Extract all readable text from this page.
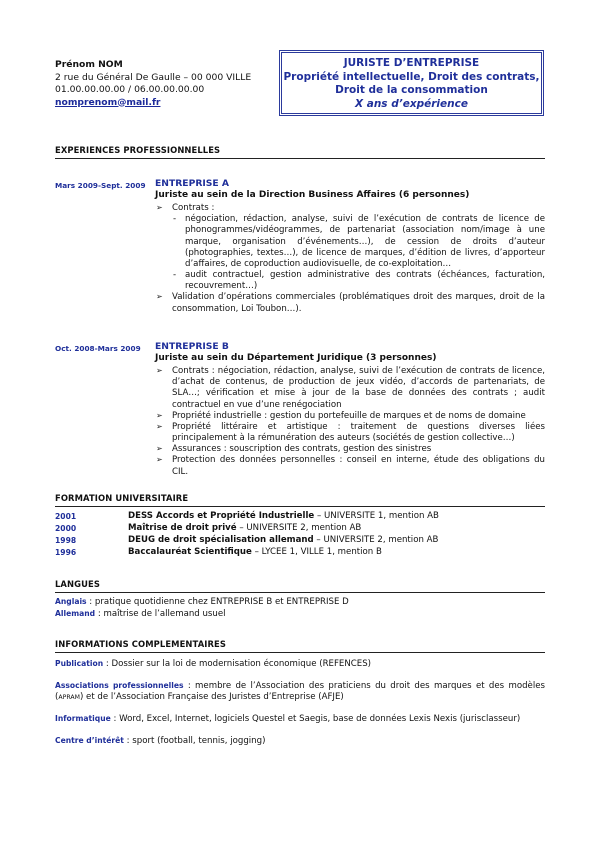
Prénom NOM
2 rue du Général De Gaulle – 00 000 VILLE
01.00.00.00.00 / 06.00.00.00.00
nomprenom@mail.fr
JURISTE D’ENTREPRISE
Propriété intellectuelle, Droit des contrats,
Droit de la consommation
X ans d’expérience
EXPERIENCES PROFESSIONNELLES
Mars 2009-Sept. 2009 ENTREPRISE A
Juriste au sein de la Direction Business Affaires (6 personnes)

➢ Contrats :

- négociation, rédaction, analyse, suivi de l’exécution de contrats de licence de phonogrammes/vidéogrammes, de partenariat (association nom/image à une marque, organisation d’événements…), de cession de droits d’auteur (photographies, textes…), de licence de marques, d’édition de livres, d’apporteur d’affaires, de coproduction audiovisuelle, de co-exploitation…

- audit contractuel, gestion administrative des contrats (échéances, facturation, recouvrement…)

➢ Validation d’opérations commerciales (problématiques droit des marques, droit de la consommation, Loi Toubon…).

Oct. 2008-Mars 2009 ENTREPRISE B
Juriste au sein du Département Juridique (3 personnes)

➢ Contrats : négociation, rédaction, analyse, suivi de l’exécution de contrats de licence, d’achat de contenus, de production de jeux vidéo, d’accords de partenariats, de SLA…; vérification et mise à jour de la base de données des contrats ; audit contractuel en vue d’une renégociation

➢ Propriété industrielle : gestion du portefeuille de marques et de noms de domaine

➢ Propriété littéraire et artistique : traitement de questions diverses liées principalement à la rémunération des auteurs (sociétés de gestion collective…)

➢ Assurances : souscription des contrats, gestion des sinistres

➢ Protection des données personnelles : conseil en interne, étude des obligations du CIL.

FORMATION UNIVERSITAIRE
2001	DESS Accords et Propriété Industrielle – UNIVERSITE 1, mention AB
2000	Maîtrise de droit privé – UNIVERSITE 2, mention AB
1998	DEUG de droit spécialisation allemand – UNIVERSITE 2, mention AB
1996	Baccalauréat Scientifique – LYCEE 1, VILLE 1, mention B
LANGUES
Anglais : pratique quotidienne chez ENTREPRISE B et ENTREPRISE D
Allemand : maîtrise de l’allemand usuel
INFORMATIONS COMPLEMENTAIRES
Publication : Dossier sur la loi de modernisation économique (REFENCES)
Associations professionnelles : membre de l’Association des praticiens du droit des marques et des modèles (APRAM) et de l’Association Française des Juristes d’Entreprise (AFJE)
Informatique : Word, Excel, Internet, logiciels Questel et Saegis, base de données Lexis Nexis (jurisclasseur)
Centre d’intérêt : sport (football, tennis, jogging)
